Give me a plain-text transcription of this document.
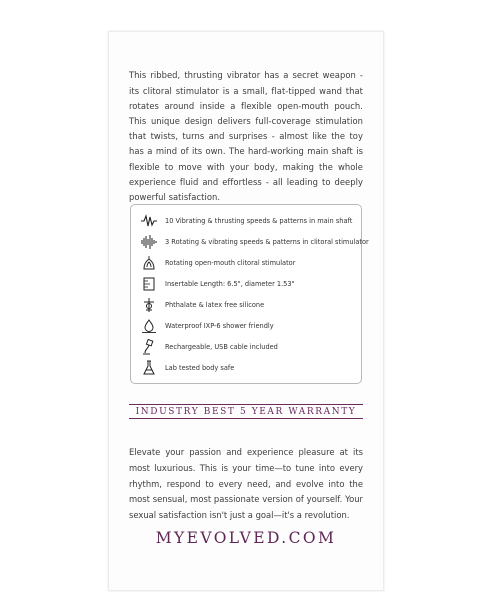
This ribbed, thrusting vibrator has a secret weapon - its clitoral stimulator is a small, flat-tipped wand that rotates around inside a flexible open-mouth pouch. This unique design delivers full-coverage stimulation that twists, turns and surprises - almost like the toy has a mind of its own. The hard-working main shaft is flexible to move with your body, making the whole experience fluid and effortless - all leading to deeply powerful satisfaction.

10 Vibrating & thrusting speeds & patterns in main shaft
3 Rotating & vibrating speeds & patterns in clitoral stimulator
Rotating open-mouth clitoral stimulator
Insertable Length: 6.5", diameter 1.53"
Phthalate & latex free silicone
Waterproof IXP-6 shower friendly
Rechargeable, USB cable included
Lab tested body safe
INDUSTRY BEST 5 YEAR WARRANTY

Elevate your passion and experience pleasure at its most luxurious. This is your time—to tune into every rhythm, respond to every need, and evolve into the most sensual, most passionate version of yourself. Your sexual satisfaction isn't just a goal—it's a revolution.

MYEVOLVED.COM
